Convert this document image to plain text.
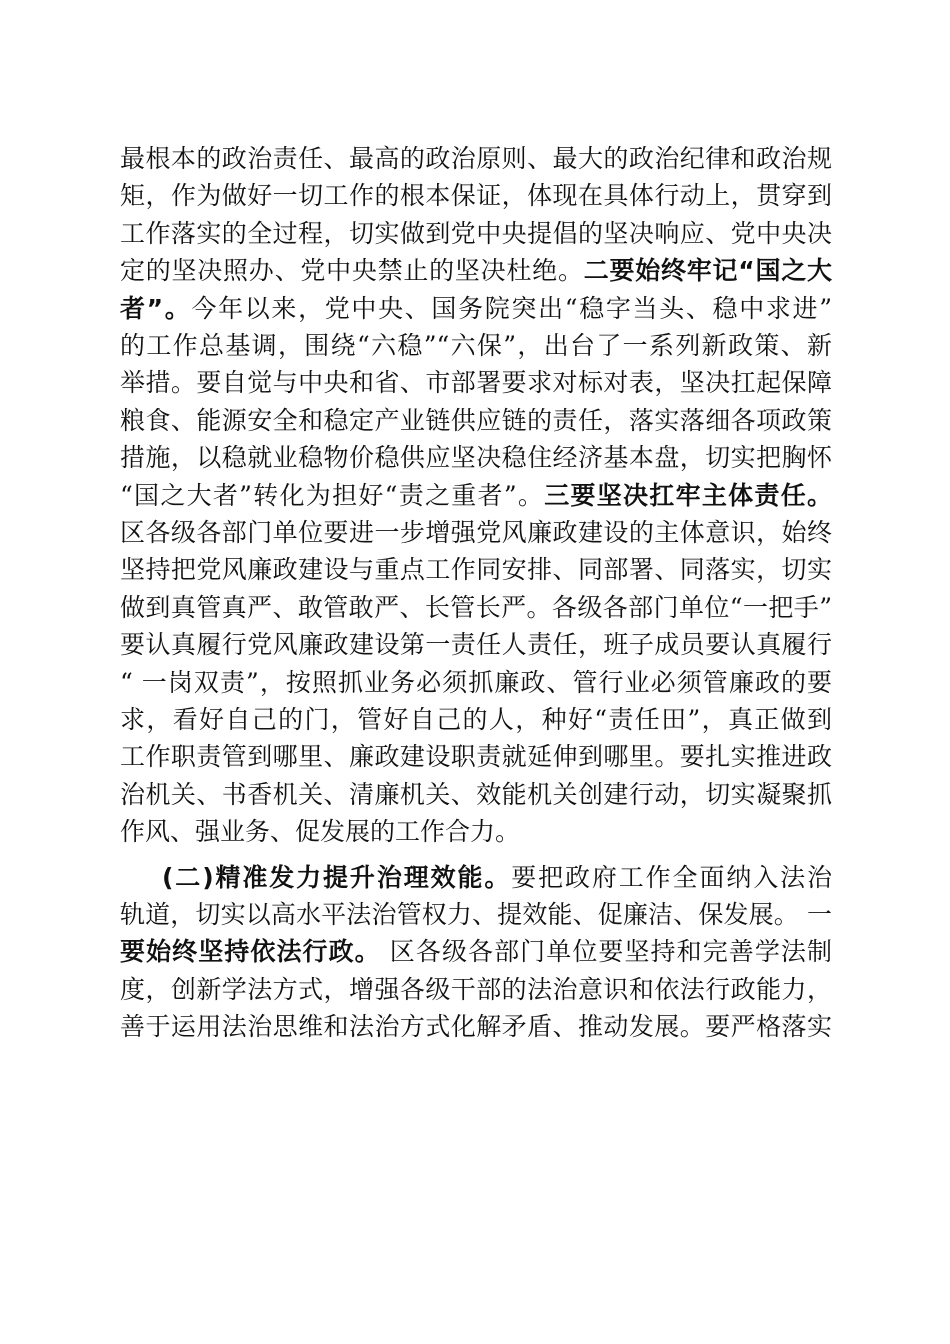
最根本的政治责任、最高的政治原则、最大的政治纪律和政治规
矩，作为做好一切工作的根本保证，体现在具体行动上，贯穿到
工作落实的全过程，切实做到党中央提倡的坚决响应、党中央决
定的坚决照办、党中央禁止的坚决杜绝。二要始终牢记“国之大
者”。今年以来，党中央、国务院突出“稳字当头、稳中求进”
的工作总基调，围绕“六稳”“六保”，出台了一系列新政策、新
举措。要自觉与中央和省、市部署要求对标对表，坚决扛起保障
粮食、能源安全和稳定产业链供应链的责任，落实落细各项政策
措施，以稳就业稳物价稳供应坚决稳住经济基本盘，切实把胸怀
“国之大者”转化为担好“责之重者”。三要坚决扛牢主体责任。
区各级各部门单位要进一步增强党风廉政建设的主体意识，始终
坚持把党风廉政建设与重点工作同安排、同部署、同落实，切实
做到真管真严、敢管敢严、长管长严。各级各部门单位“一把手”
要认真履行党风廉政建设第一责任人责任，班子成员要认真履行
“ 一岗双责”，按照抓业务必须抓廉政、管行业必须管廉政的要
求，看好自己的门，管好自己的人，种好“责任田”，真正做到
工作职责管到哪里、廉政建设职责就延伸到哪里。要扎实推进政
治机关、书香机关、清廉机关、效能机关创建行动，切实凝聚抓
作风、强业务、促发展的工作合力。
(二)精准发力提升治理效能。要把政府工作全面纳入法治
轨道，切实以高水平法治管权力、提效能、促廉洁、保发展。 一
要始终坚持依法行政。 区各级各部门单位要坚持和完善学法制
度，创新学法方式，增强各级干部的法治意识和依法行政能力，
善于运用法治思维和法治方式化解矛盾、推动发展。要严格落实
